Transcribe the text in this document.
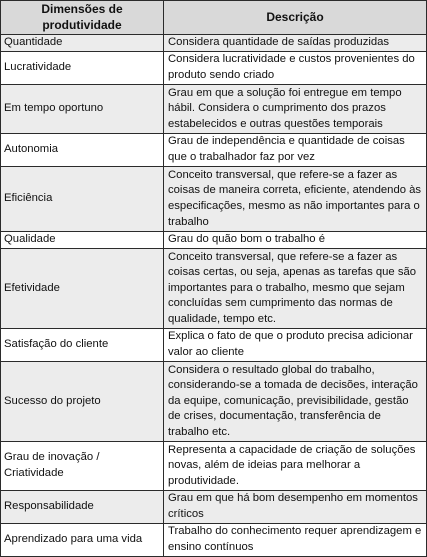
Dimensões de produtividade	Descrição
Quantidade	Considera quantidade de saídas produzidas
Lucratividade	Considera lucratividade e custos provenientes do produto sendo criado
Em tempo oportuno	Grau em que a solução foi entregue em tempo hábil. Considera o cumprimento dos prazos estabelecidos e outras questões temporais
Autonomia	Grau de independência e quantidade de coisas que o trabalhador faz por vez
Eficiência	Conceito transversal, que refere-se a fazer as coisas de maneira correta, eficiente, atendendo às especificações, mesmo as não importantes para o trabalho
Qualidade	Grau do quão bom o trabalho é
Efetividade	Conceito transversal, que refere-se a fazer as coisas certas, ou seja, apenas as tarefas que são importantes para o trabalho, mesmo que sejam concluídas sem cumprimento das normas de qualidade, tempo etc.
Satisfação do cliente	Explica o fato de que o produto precisa adicionar valor ao cliente
Sucesso do projeto	Considera o resultado global do trabalho, considerando-se a tomada de decisões, interação da equipe, comunicação, previsibilidade, gestão de crises, documentação, transferência de trabalho etc.
Grau de inovação / Criatividade	Representa a capacidade de criação de soluções novas, além de ideias para melhorar a produtividade.
Responsabilidade	Grau em que há bom desempenho em momentos críticos
Aprendizado para uma vida	Trabalho do conhecimento requer aprendizagem e ensino contínuos
